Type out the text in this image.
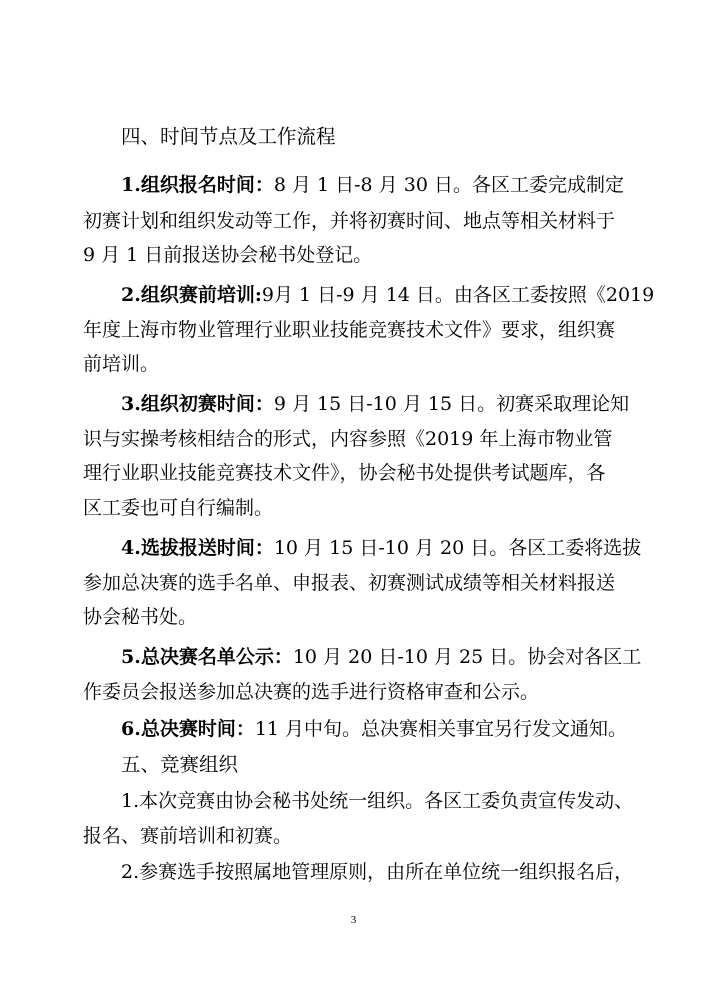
四、时间节点及工作流程
1.组织报名时间：8 月 1 日-8 月 30 日。各区工委完成制定
初赛计划和组织发动等工作，并将初赛时间、地点等相关材料于
9 月 1 日前报送协会秘书处登记。
2.组织赛前培训:9月 1 日-9 月 14 日。由各区工委按照《2019
年度上海市物业管理行业职业技能竞赛技术文件》要求，组织赛
前培训。
3.组织初赛时间：9 月 15 日-10 月 15 日。初赛采取理论知
识与实操考核相结合的形式，内容参照《2019 年上海市物业管
理行业职业技能竞赛技术文件》，协会秘书处提供考试题库，各
区工委也可自行编制。
4.选拔报送时间：10 月 15 日-10 月 20 日。各区工委将选拔
参加总决赛的选手名单、申报表、初赛测试成绩等相关材料报送
协会秘书处。
5.总决赛名单公示：10 月 20 日-10 月 25 日。协会对各区工
作委员会报送参加总决赛的选手进行资格审查和公示。
6.总决赛时间：11 月中旬。总决赛相关事宜另行发文通知。
五、竞赛组织
1.本次竞赛由协会秘书处统一组织。各区工委负责宣传发动、
报名、赛前培训和初赛。
2.参赛选手按照属地管理原则，由所在单位统一组织报名后，
3
